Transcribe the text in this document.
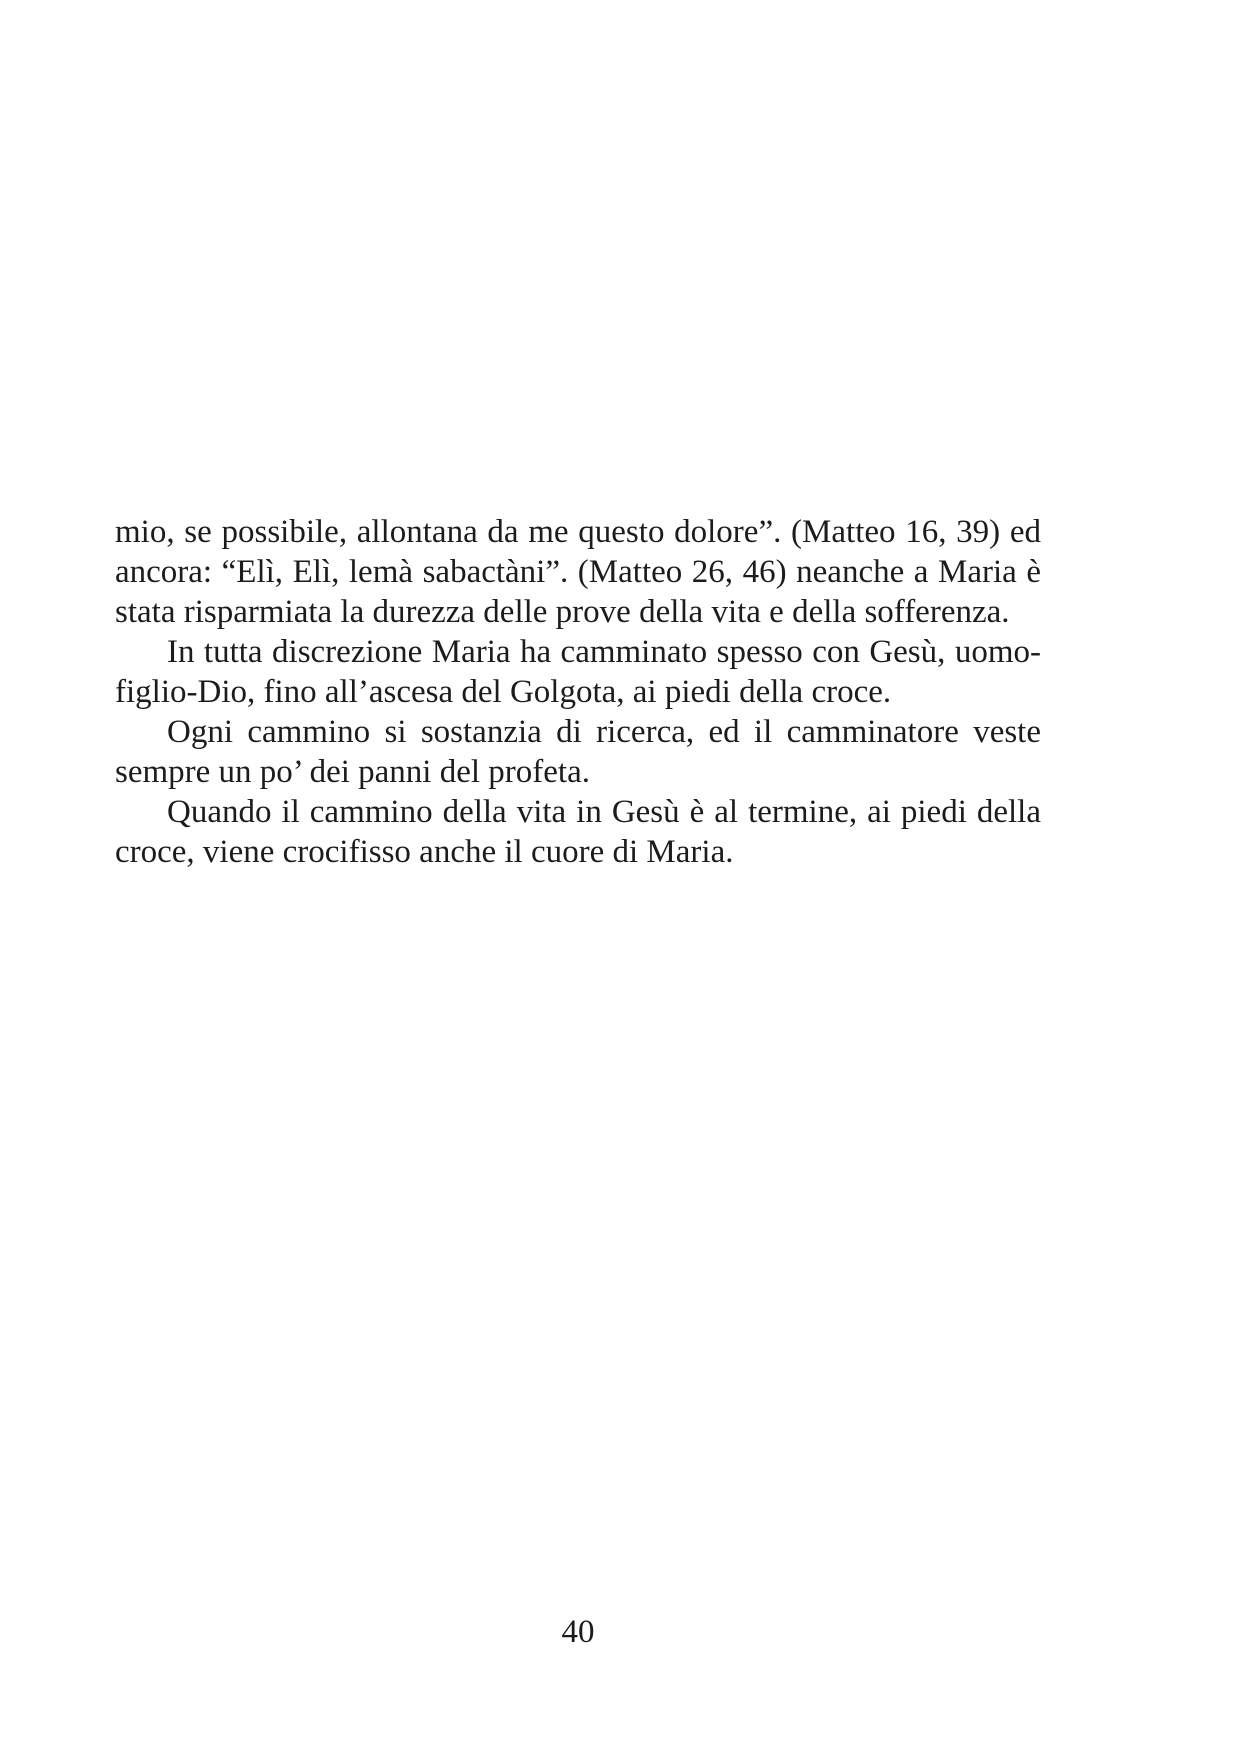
mio, se possibile, allontana da me questo dolore”. (Matteo 16, 39) ed
ancora: “Elì, Elì, lemà sabactàni”. (Matteo 26, 46) neanche a Maria è
stata risparmiata la durezza delle prove della vita e della sofferenza.
In tutta discrezione Maria ha camminato spesso con Gesù, uomo-
figlio-Dio, fino all’ascesa del Golgota, ai piedi della croce.
Ogni cammino si sostanzia di ricerca, ed il camminatore veste
sempre un po’ dei panni del profeta.
Quando il cammino della vita in Gesù è al termine, ai piedi della
croce, viene crocifisso anche il cuore di Maria.
40
